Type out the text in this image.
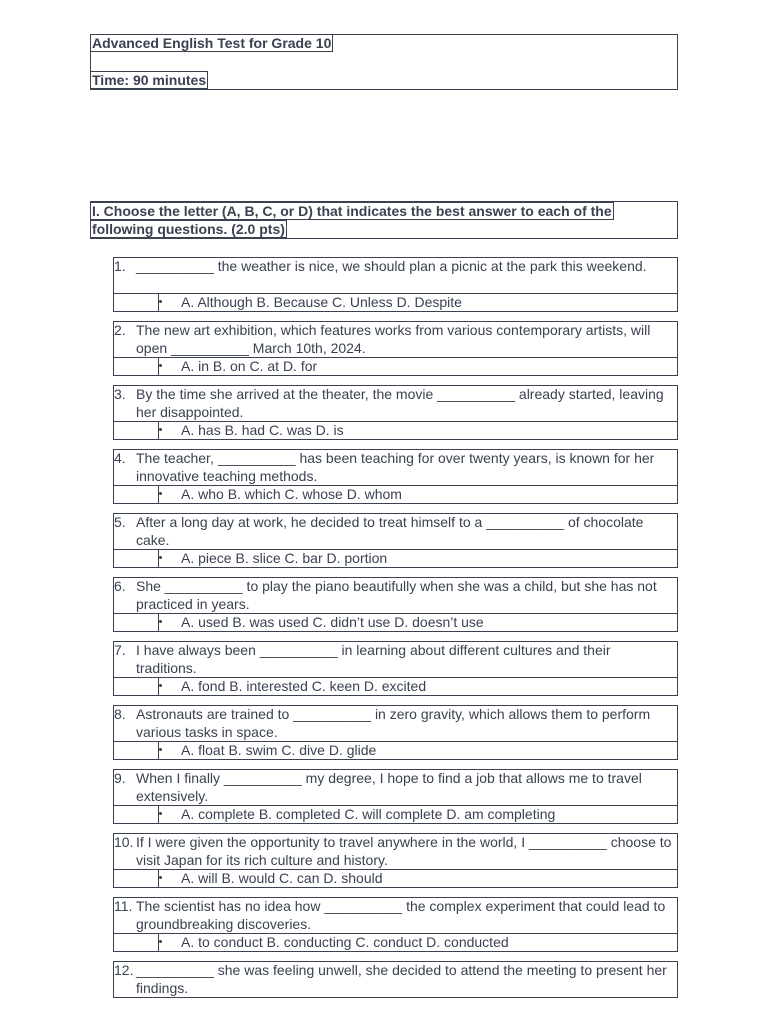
Advanced English Test for Grade 10
Time: 90 minutes
I. Choose the letter (A, B, C, or D) that indicates the best answer to each of the
following questions. (2.0 pts)
1. __________ the weather is nice, we should plan a picnic at the park this weekend.
A. Although B. Because C. Unless D. Despite
2. The new art exhibition, which features works from various contemporary artists, will open __________ March 10th, 2024.
A. in B. on C. at D. for
3. By the time she arrived at the theater, the movie __________ already started, leaving her disappointed.
A. has B. had C. was D. is
4. The teacher, __________ has been teaching for over twenty years, is known for her innovative teaching methods.
A. who B. which C. whose D. whom
5. After a long day at work, he decided to treat himself to a __________ of chocolate cake.
A. piece B. slice C. bar D. portion
6. She __________ to play the piano beautifully when she was a child, but she has not practiced in years.
A. used B. was used C. didn’t use D. doesn’t use
7. I have always been __________ in learning about different cultures and their traditions.
A. fond B. interested C. keen D. excited
8. Astronauts are trained to __________ in zero gravity, which allows them to perform various tasks in space.
A. float B. swim C. dive D. glide
9. When I finally __________ my degree, I hope to find a job that allows me to travel extensively.
A. complete B. completed C. will complete D. am completing
10. If I were given the opportunity to travel anywhere in the world, I __________ choose to visit Japan for its rich culture and history.
A. will B. would C. can D. should
11. The scientist has no idea how __________ the complex experiment that could lead to groundbreaking discoveries.
A. to conduct B. conducting C. conduct D. conducted
12. __________ she was feeling unwell, she decided to attend the meeting to present her findings.
